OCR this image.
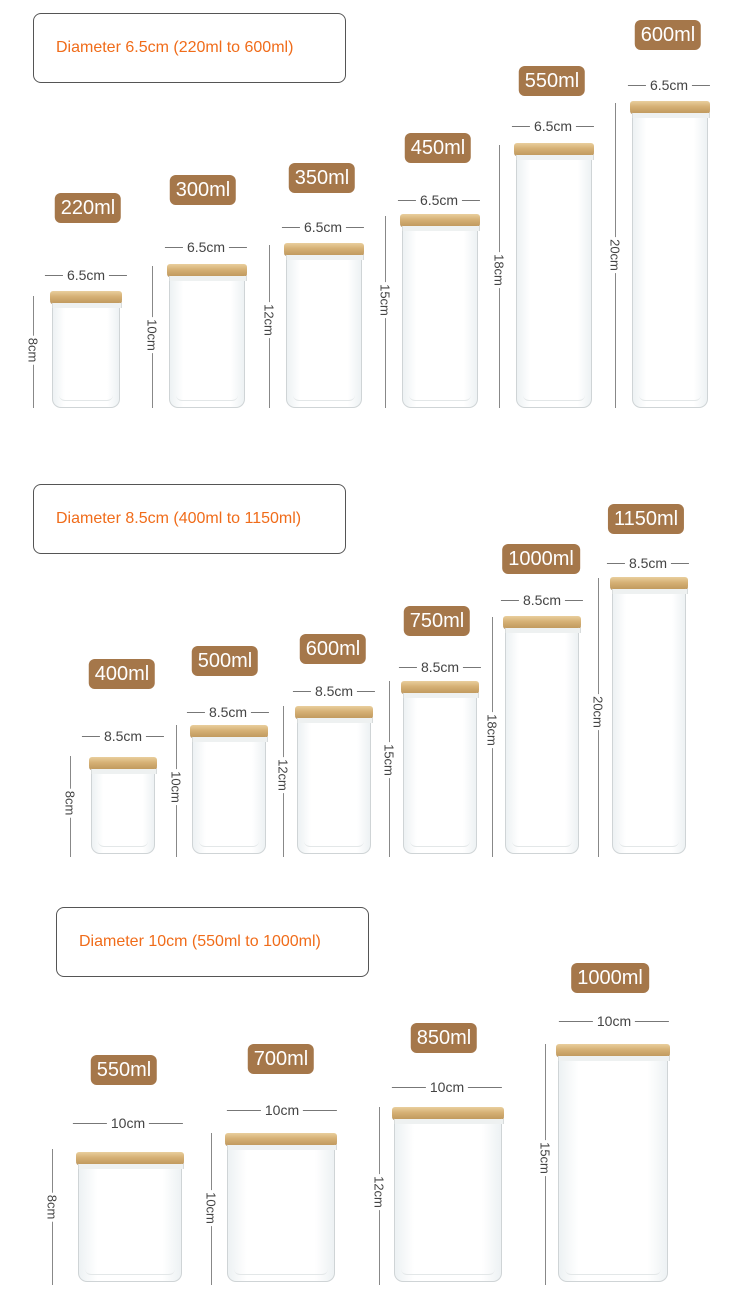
Diameter 6.5cm (220ml to 600ml)
220ml
6.5cm
8cm
300ml
6.5cm
10cm
350ml
6.5cm
12cm
450ml
6.5cm
15cm
550ml
6.5cm
18cm
600ml
6.5cm
20cm
Diameter 8.5cm (400ml to 1150ml)
400ml
8.5cm
8cm
500ml
8.5cm
10cm
600ml
8.5cm
12cm
750ml
8.5cm
15cm
1000ml
8.5cm
18cm
1150ml
8.5cm
20cm
Diameter 10cm (550ml to 1000ml)
550ml
10cm
8cm
700ml
10cm
10cm
850ml
10cm
12cm
1000ml
10cm
15cm
